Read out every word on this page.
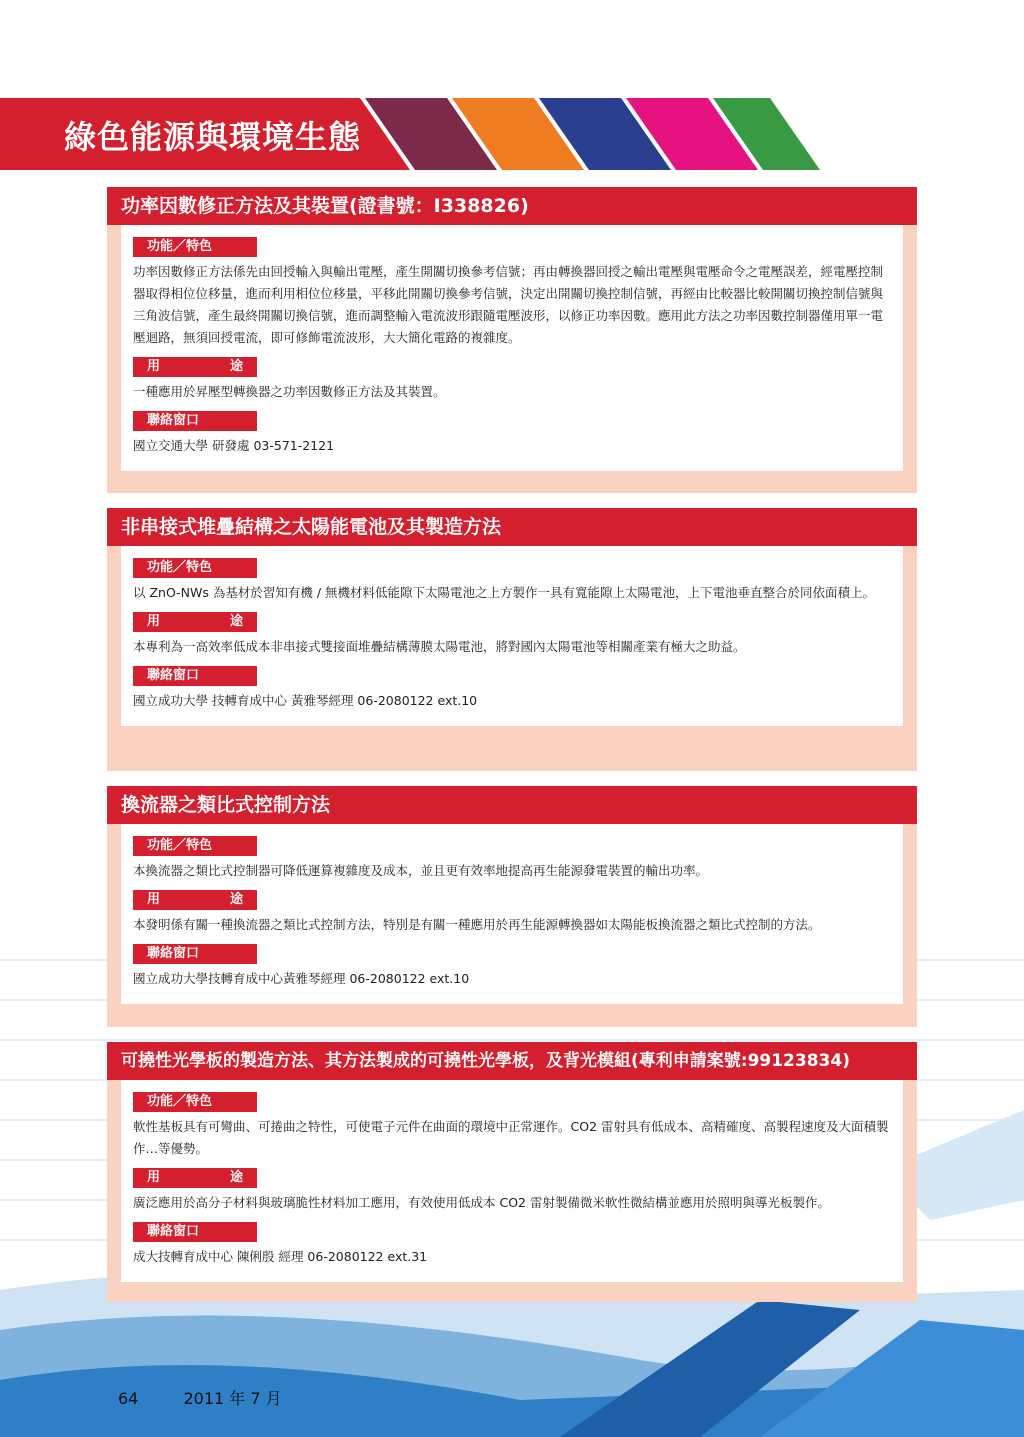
綠色能源與環境生態
功率因數修正方法及其裝置(證書號：I338826)
功能／特色
功率因數修正方法係先由回授輸入與輸出電壓，產生開關切換參考信號；再由轉換器回授之輸出電壓與電壓命令之電壓誤差，經電壓控制器取得相位位移量，進而利用相位位移量，平移此開關切換參考信號，決定出開關切換控制信號，再經由比較器比較開關切換控制信號與三角波信號，產生最終開關切換信號，進而調整輸入電流波形跟隨電壓波形，以修正功率因數。應用此方法之功率因數控制器僅用單一電壓迴路，無須回授電流，即可修飾電流波形，大大簡化電路的複雜度。
用	途
一種應用於昇壓型轉換器之功率因數修正方法及其裝置。
聯絡窗口
國立交通大學 研發處 03-571-2121
非串接式堆疊結構之太陽能電池及其製造方法
功能／特色
以 ZnO-NWs 為基材於習知有機 / 無機材料低能隙下太陽電池之上方製作一具有寬能隙上太陽電池，上下電池垂直整合於同依面積上。
用	途
本專利為一高效率低成本非串接式雙接面堆疊結構薄膜太陽電池，將對國內太陽電池等相關產業有極大之助益。
聯絡窗口
國立成功大學 技轉育成中心 黃雅琴經理 06-2080122 ext.10
換流器之類比式控制方法
功能／特色
本換流器之類比式控制器可降低運算複雜度及成本，並且更有效率地提高再生能源發電裝置的輸出功率。
用	途
本發明係有關一種換流器之類比式控制方法，特別是有關一種應用於再生能源轉換器如太陽能板換流器之類比式控制的方法。
聯絡窗口
國立成功大學技轉育成中心黃雅琴經理 06-2080122 ext.10
可撓性光學板的製造方法、其方法製成的可撓性光學板，及背光模組(專利申請案號:99123834)
功能／特色
軟性基板具有可彎曲、可捲曲之特性，可使電子元件在曲面的環境中正常運作。CO2 雷射具有低成本、高精確度、高製程速度及大面積製作…等優勢。
用	途
廣泛應用於高分子材料與玻璃脆性材料加工應用，有效使用低成本 CO2 雷射製備微米軟性微結構並應用於照明與導光板製作。
聯絡窗口
成大技轉育成中心 陳俐殷 經理 06-2080122 ext.31
64	2011 年 7 月
